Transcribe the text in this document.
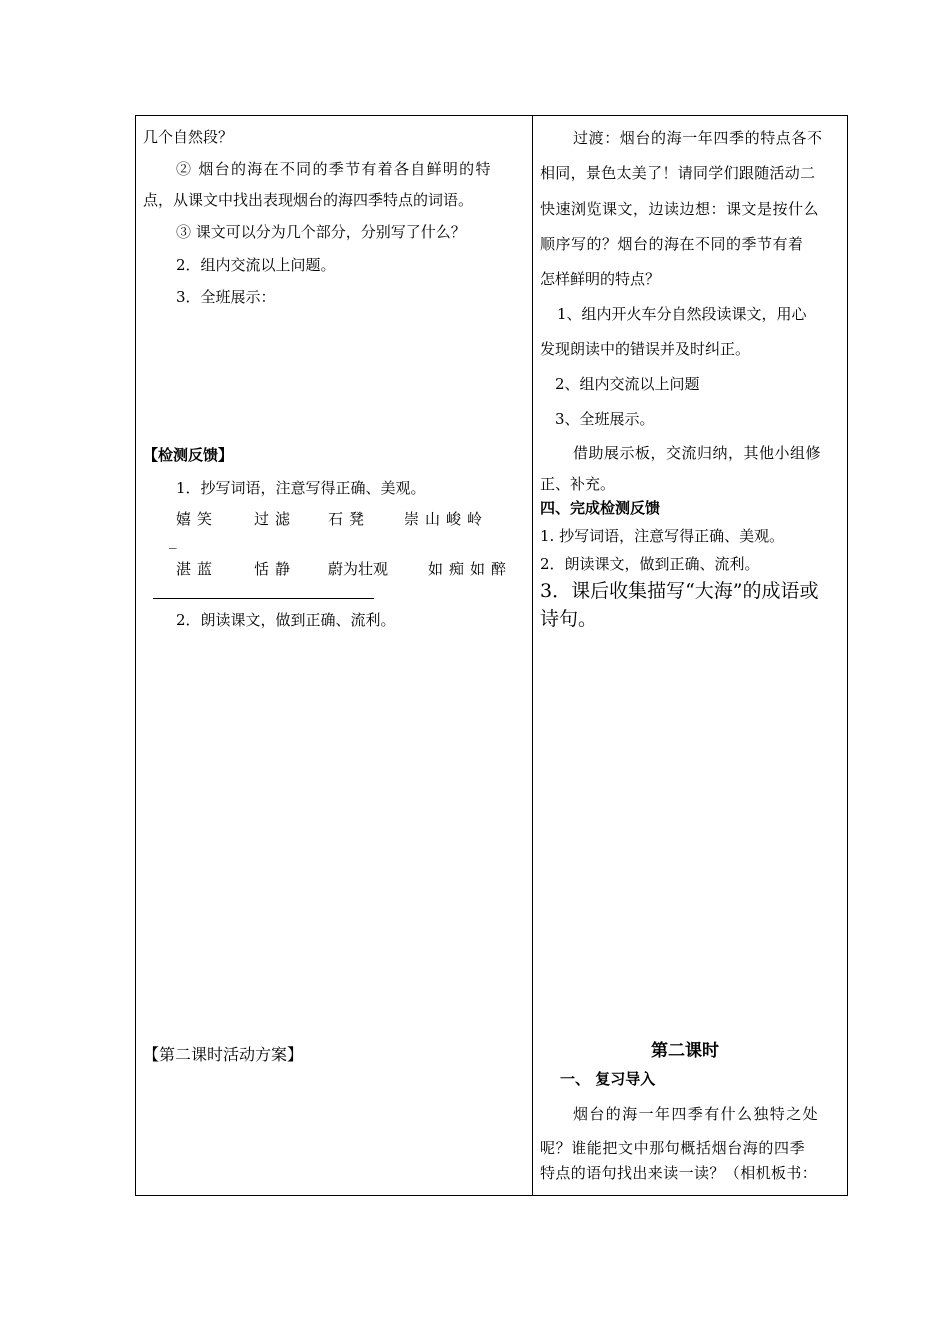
几个自然段？
② 烟台的海在不同的季节有着各自鲜明的特
点，从课文中找出表现烟台的海四季特点的词语。
③ 课文可以分为几个部分，分别写了什么？
2．组内交流以上问题。
3．全班展示：
【检测反馈】
1．抄写词语，注意写得正确、美观。
嬉笑 过滤 石凳 崇山峻岭
_
湛蓝 恬静 蔚为壮观	如痴如醉
2．朗读课文，做到正确、流利。
【第二课时活动方案】
过渡：烟台的海一年四季的特点各不
相同，景色太美了！请同学们跟随活动二
快速浏览课文，边读边想：课文是按什么
顺序写的？烟台的海在不同的季节有着
怎样鲜明的特点？
1、组内开火车分自然段读课文，用心
发现朗读中的错误并及时纠正。
2、组内交流以上问题
3、全班展示。
借助展示板，交流归纳，其他小组修
正、补充。
四、完成检测反馈
1. 抄写词语，注意写得正确、美观。
2．朗读课文，做到正确、流利。
3．课后收集描写“大海”的成语或
诗句。
第二课时
一、 复习导入
烟台的海一年四季有什么独特之处
呢？谁能把文中那句概括烟台海的四季
特点的语句找出来读一读？（相机板书：
